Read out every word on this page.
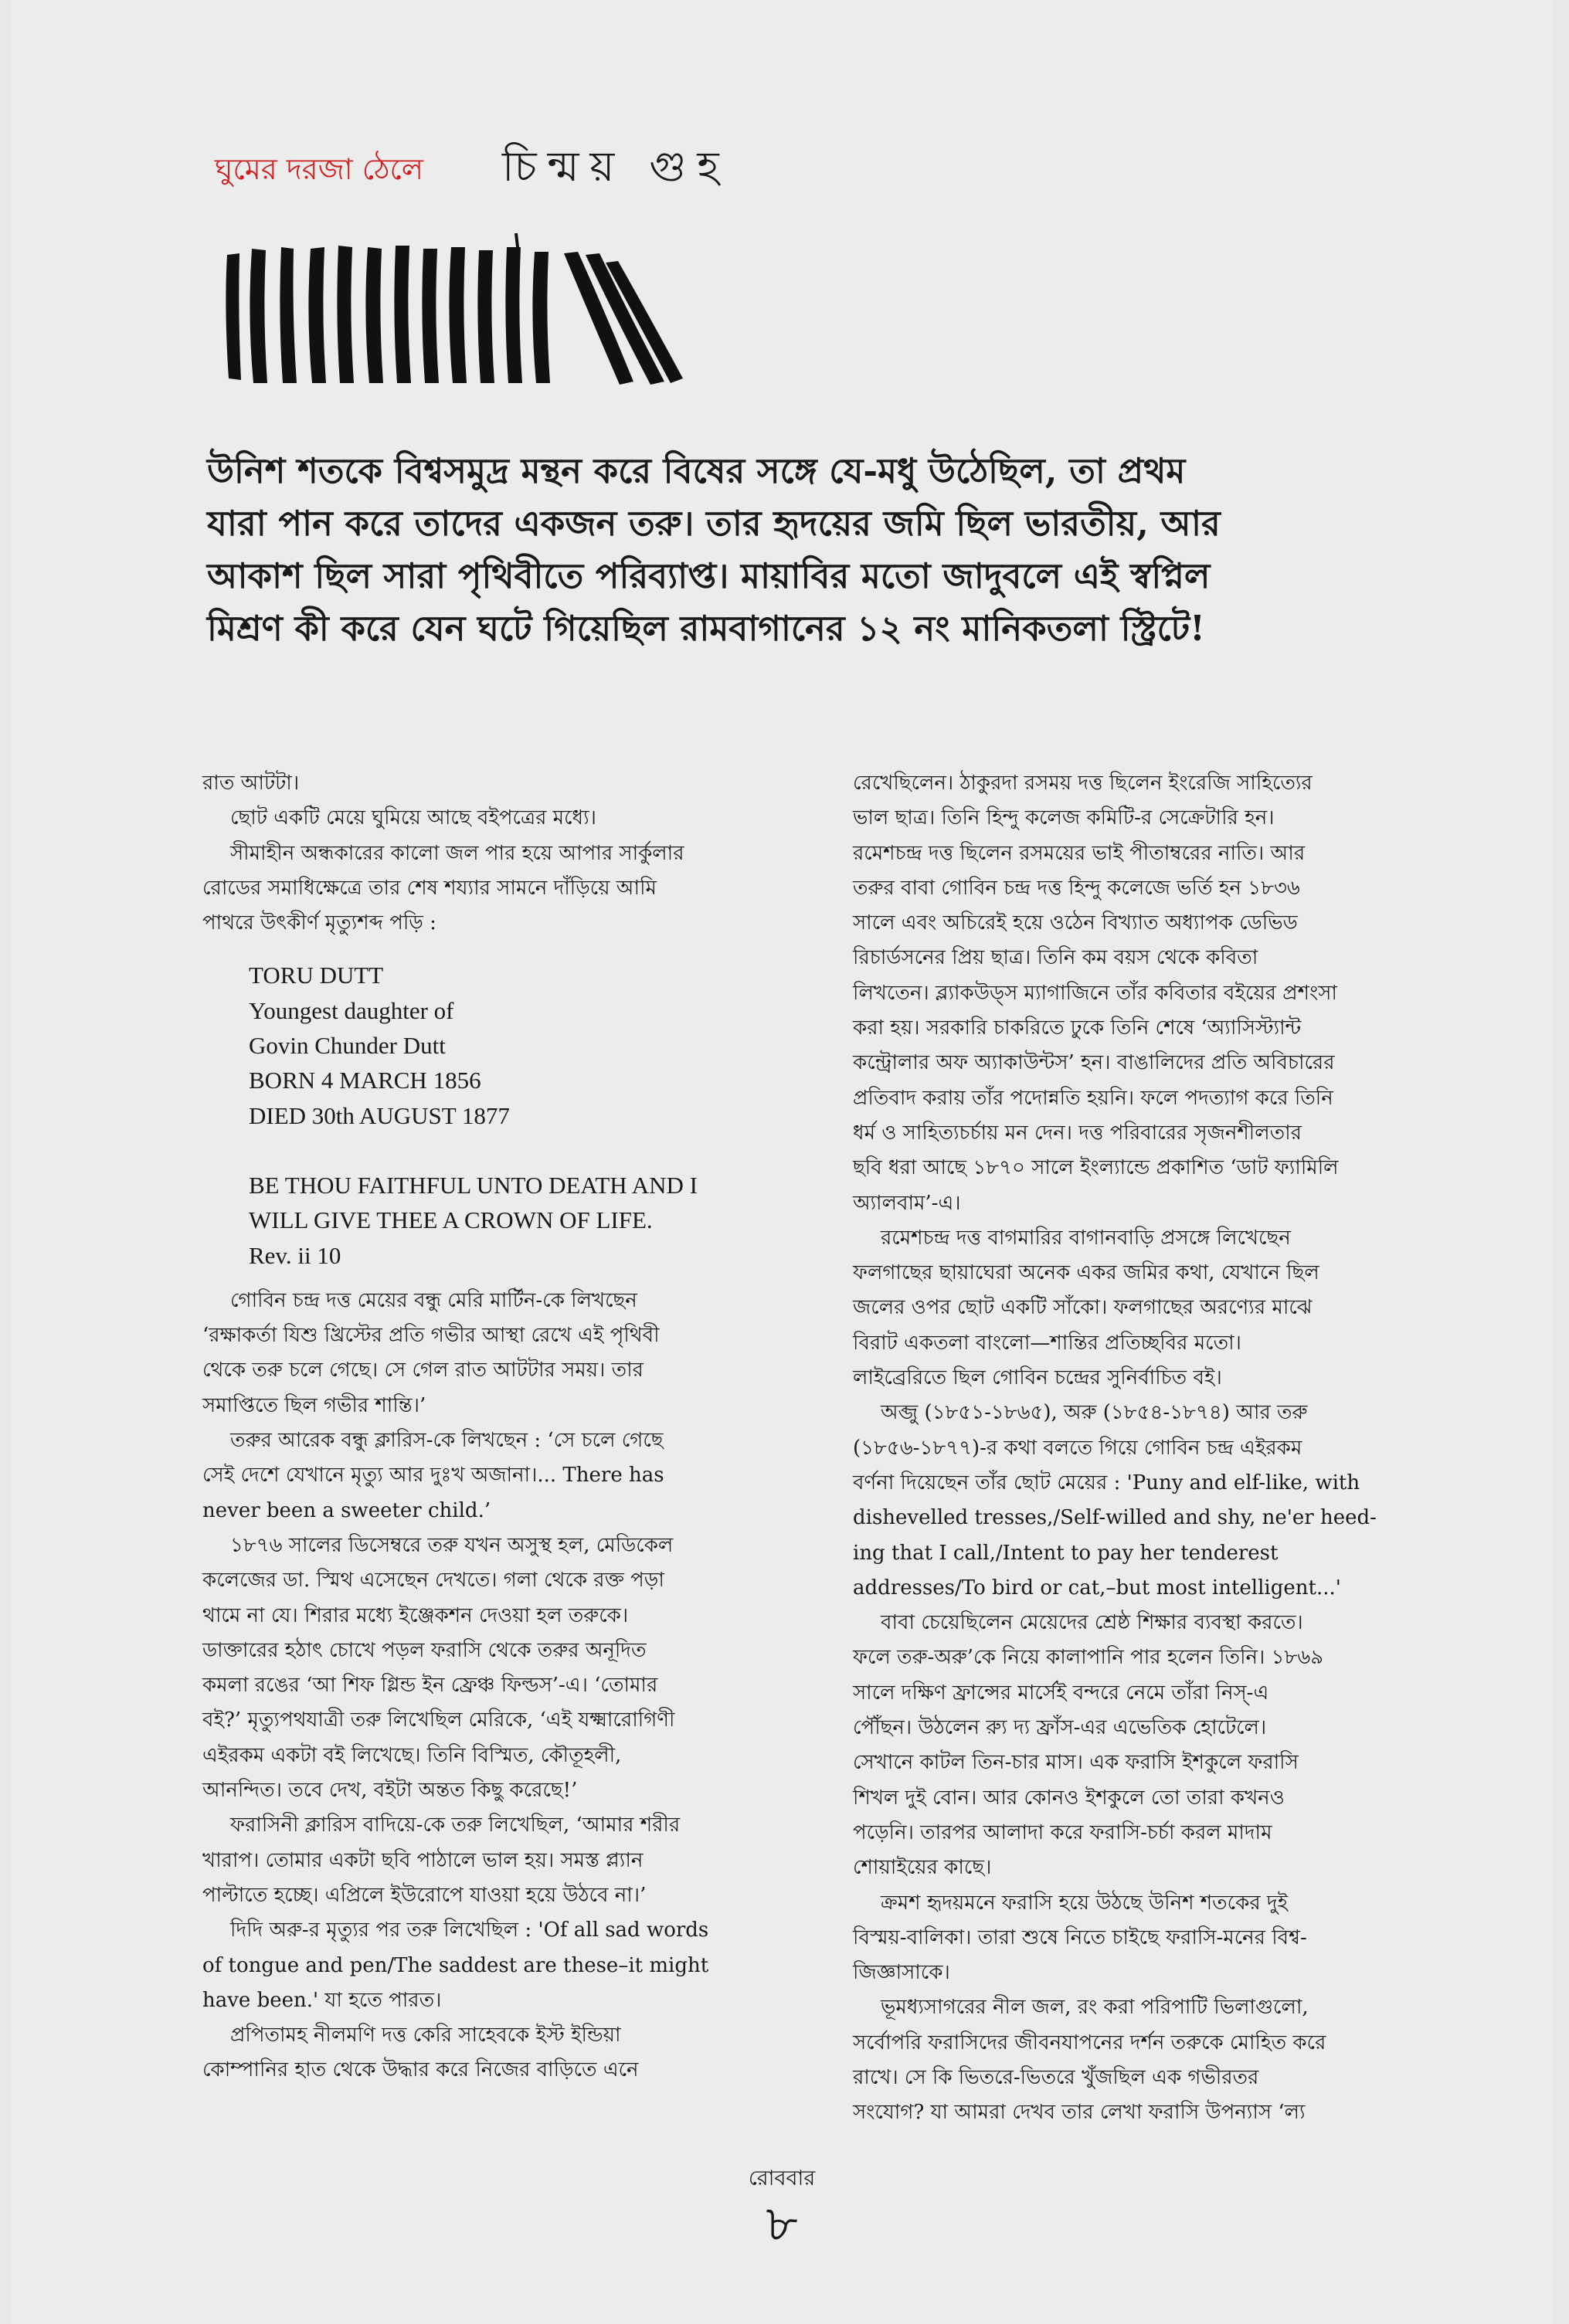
ঘুমের দরজা ঠেলে চিন্ময় গুহ

উনিশ শতকে বিশ্বসমুদ্র মন্থন করে বিষের সঙ্গে যে-মধু উঠেছিল, তা প্রথম

যারা পান করে তাদের একজন তরু। তার হৃদয়ের জমি ছিল ভারতীয়, আর

আকাশ ছিল সারা পৃথিবীতে পরিব্যাপ্ত। মায়াবির মতো জাদুবলে এই স্বপ্নিল

মিশ্রণ কী করে যেন ঘটে গিয়েছিল রামবাগানের ১২ নং মানিকতলা স্ট্রিটে!

রাত আটটা।

ছোট একটি মেয়ে ঘুমিয়ে আছে বইপত্রের মধ্যে।

সীমাহীন অন্ধকারের কালো জল পার হয়ে আপার সার্কুলার

রোডের সমাধিক্ষেত্রে তার শেষ শয্যার সামনে দাঁড়িয়ে আমি

পাথরে উৎকীর্ণ মৃত্যুশব্দ পড়ি :

TORU DUTT
Youngest daughter of
Govin Chunder Dutt
BORN 4 MARCH 1856
DIED 30th AUGUST 1877
BE THOU FAITHFUL UNTO DEATH AND I
WILL GIVE THEE A CROWN OF LIFE.
Rev. ii 10

গোবিন চন্দ্র দত্ত মেয়ের বন্ধু মেরি মার্টিন-কে লিখছেন

‘রক্ষাকর্তা যিশু খ্রিস্টের প্রতি গভীর আস্থা রেখে এই পৃথিবী

থেকে তরু চলে গেছে। সে গেল রাত আটটার সময়। তার

সমাপ্তিতে ছিল গভীর শান্তি।’

তরুর আরেক বন্ধু ক্লারিস-কে লিখছেন : ‘সে চলে গেছে

সেই দেশে যেখানে মৃত্যু আর দুঃখ অজানা।... There has

never been a sweeter child.’

১৮৭৬ সালের ডিসেম্বরে তরু যখন অসুস্থ হল, মেডিকেল

কলেজের ডা. স্মিথ এসেছেন দেখতে। গলা থেকে রক্ত পড়া

থামে না যে। শিরার মধ্যে ইঞ্জেকশন দেওয়া হল তরুকে।

ডাক্তারের হঠাৎ চোখে পড়ল ফরাসি থেকে তরুর অনূদিত

কমলা রঙের ‘আ শিফ গ্লিন্ড ইন ফ্রেঞ্চ ফিল্ডস’-এ। ‘তোমার

বই?’ মৃত্যুপথযাত্রী তরু লিখেছিল মেরিকে, ‘এই যক্ষ্মারোগিণী

এইরকম একটা বই লিখেছে। তিনি বিস্মিত, কৌতূহলী,

আনন্দিত। তবে দেখ, বইটা অন্তত কিছু করেছে!’

ফরাসিনী ক্লারিস বাদিয়ে-কে তরু লিখেছিল, ‘আমার শরীর

খারাপ। তোমার একটা ছবি পাঠালে ভাল হয়। সমস্ত প্ল্যান

পাল্টাতে হচ্ছে। এপ্রিলে ইউরোপে যাওয়া হয়ে উঠবে না।’

দিদি অরু-র মৃত্যুর পর তরু লিখেছিল : 'Of all sad words

of tongue and pen/The saddest are these–it might

have been.' যা হতে পারত।

প্রপিতামহ নীলমণি দত্ত কেরি সাহেবকে ইস্ট ইন্ডিয়া

কোম্পানির হাত থেকে উদ্ধার করে নিজের বাড়িতে এনে

রেখেছিলেন। ঠাকুরদা রসময় দত্ত ছিলেন ইংরেজি সাহিত্যের

ভাল ছাত্র। তিনি হিন্দু কলেজ কমিটি-র সেক্রেটারি হন।

রমেশচন্দ্র দত্ত ছিলেন রসময়ের ভাই পীতাম্বরের নাতি। আর

তরুর বাবা গোবিন চন্দ্র দত্ত হিন্দু কলেজে ভর্তি হন ১৮৩৬

সালে এবং অচিরেই হয়ে ওঠেন বিখ্যাত অধ্যাপক ডেভিড

রিচার্ডসনের প্রিয় ছাত্র। তিনি কম বয়স থেকে কবিতা

লিখতেন। ব্ল্যাকউড্‌স ম্যাগাজিনে তাঁর কবিতার বইয়ের প্রশংসা

করা হয়। সরকারি চাকরিতে ঢুকে তিনি শেষে ‘অ্যাসিস্ট্যান্ট

কন্ট্রোলার অফ অ্যাকাউন্টস’ হন। বাঙালিদের প্রতি অবিচারের

প্রতিবাদ করায় তাঁর পদোন্নতি হয়নি। ফলে পদত্যাগ করে তিনি

ধর্ম ও সাহিত্যচর্চায় মন দেন। দত্ত পরিবারের সৃজনশীলতার

ছবি ধরা আছে ১৮৭০ সালে ইংল্যান্ডে প্রকাশিত ‘ডাট ফ্যামিলি

অ্যালবাম’-এ।

রমেশচন্দ্র দত্ত বাগমারির বাগানবাড়ি প্রসঙ্গে লিখেছেন

ফলগাছের ছায়াঘেরা অনেক একর জমির কথা, যেখানে ছিল

জলের ওপর ছোট একটি সাঁকো। ফলগাছের অরণ্যের মাঝে

বিরাট একতলা বাংলো—শান্তির প্রতিচ্ছবির মতো।

লাইব্রেরিতে ছিল গোবিন চন্দ্রের সুনির্বাচিত বই।

অব্জু (১৮৫১-১৮৬৫), অরু (১৮৫৪-১৮৭৪) আর তরু

(১৮৫৬-১৮৭৭)-র কথা বলতে গিয়ে গোবিন চন্দ্র এইরকম

বর্ণনা দিয়েছেন তাঁর ছোট মেয়ের : 'Puny and elf-like, with

dishevelled tresses,/Self-willed and shy, ne'er heed-

ing that I call,/Intent to pay her tenderest

addresses/To bird or cat,–but most intelligent...'

বাবা চেয়েছিলেন মেয়েদের শ্রেষ্ঠ শিক্ষার ব্যবস্থা করতে।

ফলে তরু-অরু’কে নিয়ে কালাপানি পার হলেন তিনি। ১৮৬৯

সালে দক্ষিণ ফ্রান্সের মার্সেই বন্দরে নেমে তাঁরা নিস্‌-এ

পৌঁছন। উঠলেন র‍্যু দ্য ফ্রাঁস-এর এভেতিক হোটেলে।

সেখানে কাটল তিন-চার মাস। এক ফরাসি ইশকুলে ফরাসি

শিখল দুই বোন। আর কোনও ইশকুলে তো তারা কখনও

পড়েনি। তারপর আলাদা করে ফরাসি-চর্চা করল মাদাম

শোয়াইয়ের কাছে।

ক্রমশ হৃদয়মনে ফরাসি হয়ে উঠছে উনিশ শতকের দুই

বিস্ময়-বালিকা। তারা শুষে নিতে চাইছে ফরাসি-মনের বিশ্ব-

জিজ্ঞাসাকে।

ভূমধ্যসাগরের নীল জল, রং করা পরিপাটি ভিলাগুলো,

সর্বোপরি ফরাসিদের জীবনযাপনের দর্শন তরুকে মোহিত করে

রাখে। সে কি ভিতরে-ভিতরে খুঁজছিল এক গভীরতর

সংযোগ? যা আমরা দেখব তার লেখা ফরাসি উপন্যাস ‘ল্য

রোববার
৮
